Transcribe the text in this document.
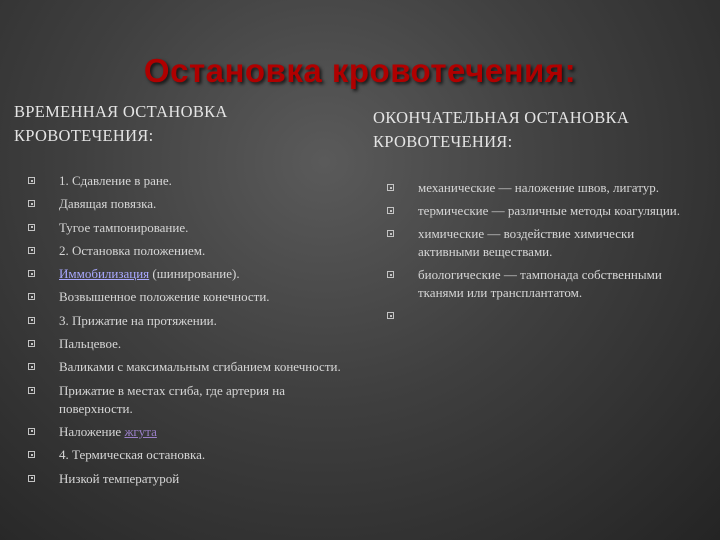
Остановка кровотечения:
ВРЕМЕННАЯ ОСТАНОВКА
КРОВОТЕЧЕНИЯ:
ОКОНЧАТЕЛЬНАЯ ОСТАНОВКА
КРОВОТЕЧЕНИЯ:
1. Сдавление в ране.
Давящая повязка.
Тугое тампонирование.
2. Остановка положением.
Иммобилизация (шинирование).
Возвышенное положение конечности.
3. Прижатие на протяжении.
Пальцевое.
Валиками с максимальным сгибанием конечности.
Прижатие в местах сгиба, где артерия на поверхности.
Наложение жгута
4. Термическая остановка.
Низкой температурой
механические — наложение швов, лигатур.
термические — различные методы коагуляции.
химические — воздействие химически активными веществами.
биологические — тампонада собственными тканями или трансплантатом.
